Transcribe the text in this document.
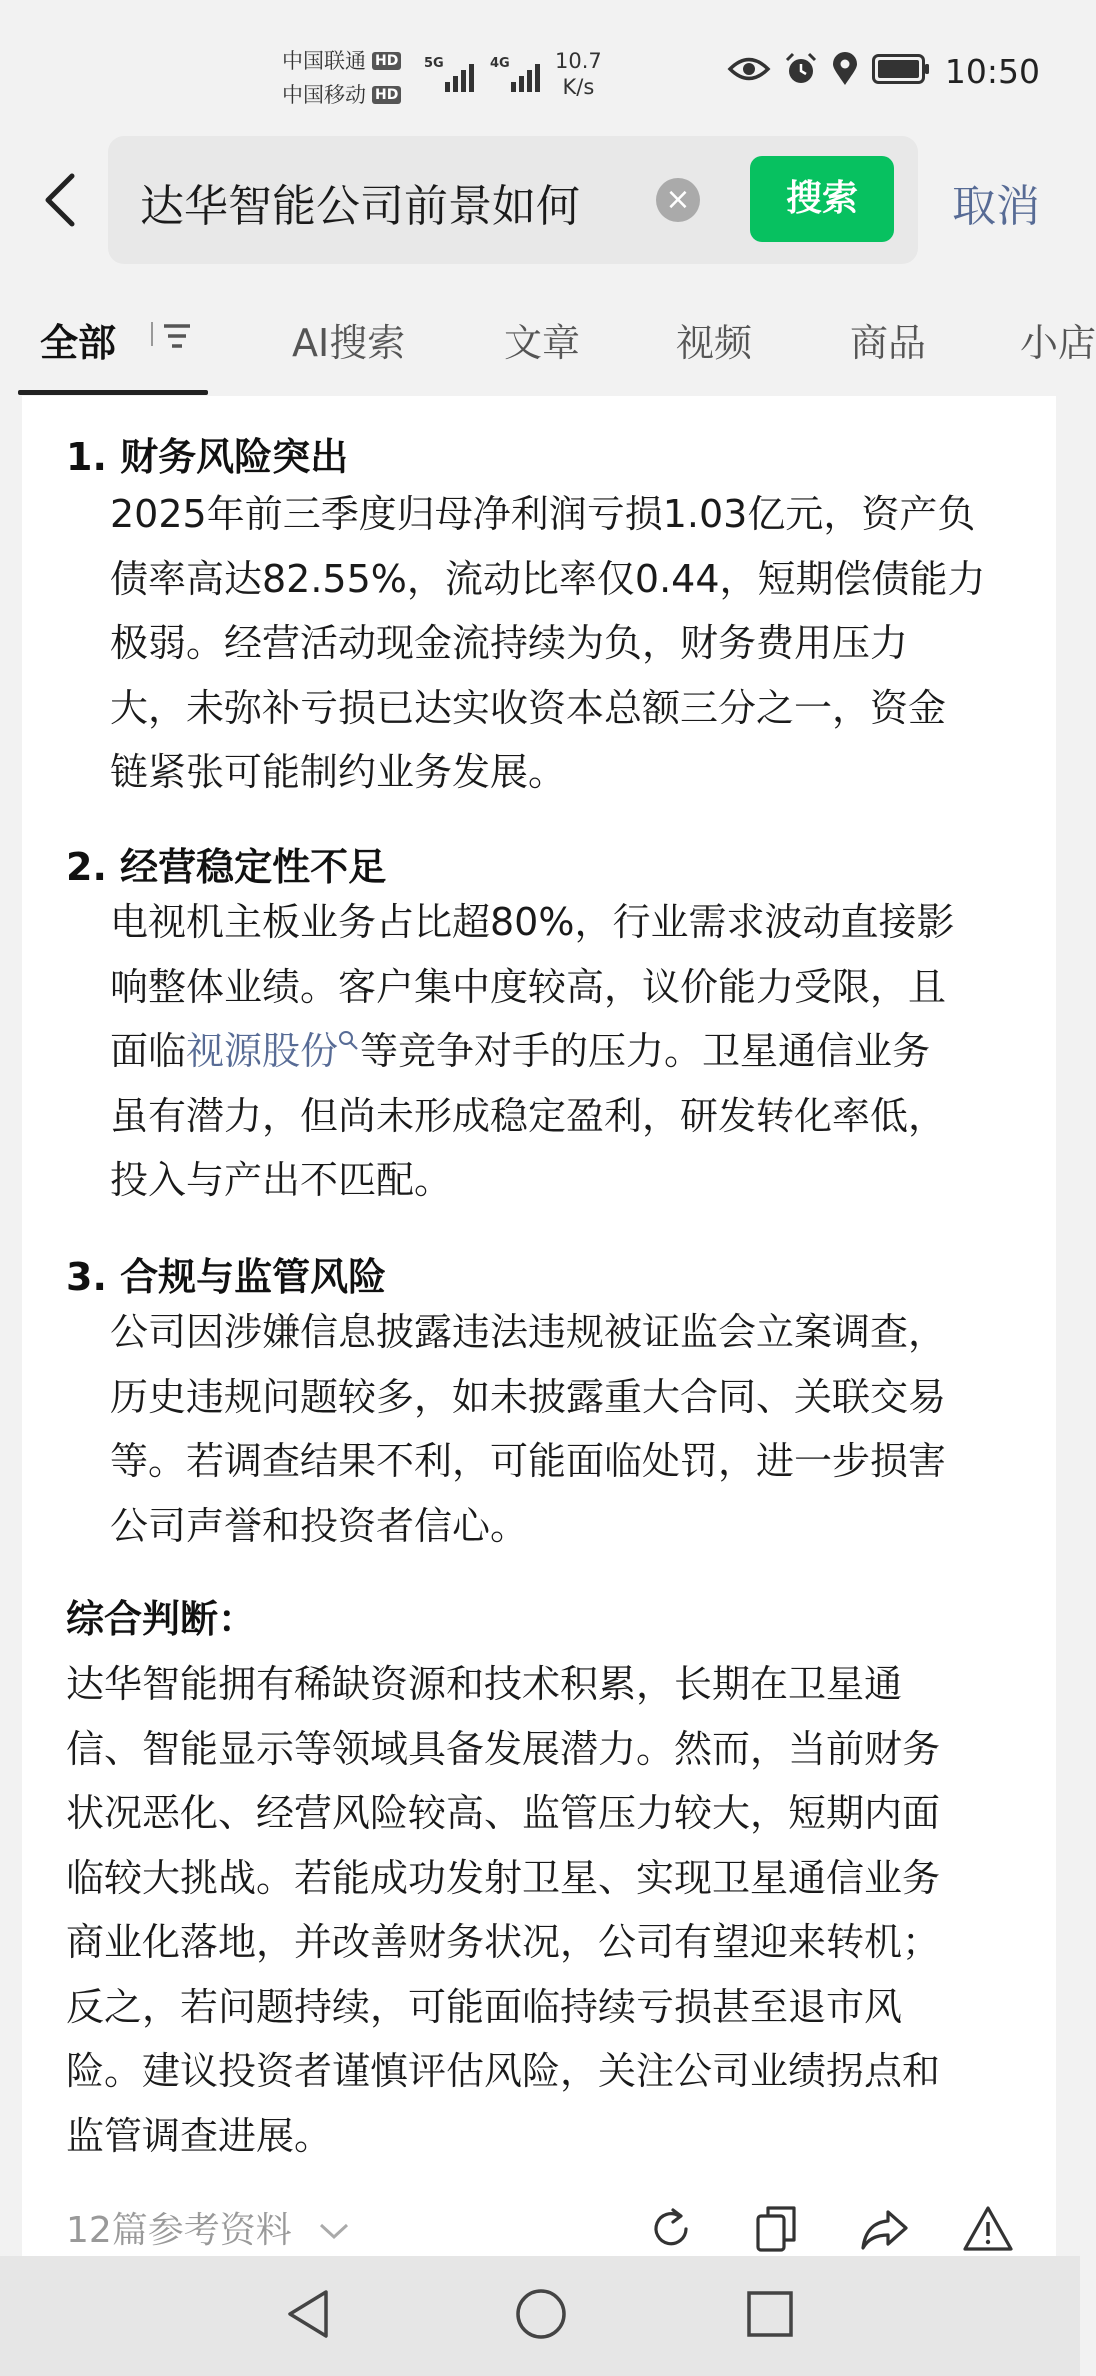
中国联通 HD
中国移动 HD
5G	4G 10.7
K/s	10:50
达华智能公司前景如何	×	搜索	取消
全部	AI搜索	文章	视频	商品 小店
1. 财务风险突出
2025年前三季度归母净利润亏损1.03亿元，资产负
债率高达82.55%，流动比率仅0.44，短期偿债能力
极弱。经营活动现金流持续为负，财务费用压力
大，未弥补亏损已达实收资本总额三分之一，资金
链紧张可能制约业务发展。
2. 经营稳定性不足
电视机主板业务占比超80%，行业需求波动直接影
响整体业绩。客户集中度较高，议价能力受限，且
面临视源股份 等竞争对手的压力。卫星通信业务
虽有潜力，但尚未形成稳定盈利，研发转化率低，
投入与产出不匹配。
3. 合规与监管风险
公司因涉嫌信息披露违法违规被证监会立案调查，
历史违规问题较多，如未披露重大合同、关联交易
等。若调查结果不利，可能面临处罚，进一步损害
公司声誉和投资者信心。
综合判断：
达华智能拥有稀缺资源和技术积累，长期在卫星通
信、智能显示等领域具备发展潜力。然而，当前财务
状况恶化、经营风险较高、监管压力较大，短期内面
临较大挑战。若能成功发射卫星、实现卫星通信业务
商业化落地，并改善财务状况，公司有望迎来转机；
反之，若问题持续，可能面临持续亏损甚至退市风
险。建议投资者谨慎评估风险，关注公司业绩拐点和
监管调查进展。
12篇参考资料
